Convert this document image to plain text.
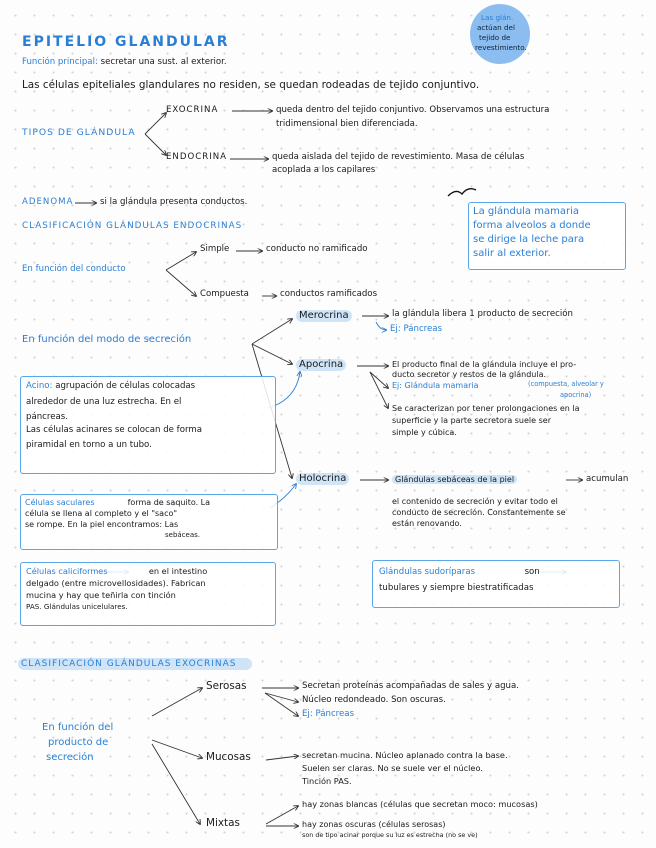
Las glán.
actúan del
tejido de
revestimiento.
EPITELIO GLANDULAR
Función principal: secretar una sust. al exterior.
Las células epiteliales glandulares no residen, se quedan rodeadas de tejido conjuntivo.
TIPOS DE GLÁNDULA
EXOCRINA	queda dentro del tejido conjuntivo. Observamos una estructura
tridimensional bien diferenciada.
ENDOCRINA	queda aislada del tejido de revestimiento. Masa de células
acoplada a los capilares
ADENOMA	si la glándula presenta conductos.
La glándula mamaria
forma alveolos a donde
se dirige la leche para
salir al exterior.
CLASIFICACIÓN GLÁNDULAS ENDOCRINAS
En función del conducto
Simple	conducto no ramificado
Compuesta	conductos ramificados
En función del modo de secreción
Merocrina	la glándula libera 1 producto de secreción
Ej: Páncreas
Apocrina	El producto final de la glándula incluye el pro-
ducto secretor y restos de la glándula.
Ej: Glándula mamaria	(compuesta, alveolar y
apocrina)
Se caracterizan por tener prolongaciones en la
superficie y la parte secretora suele ser
simple y cúbica.
Acino: agrupación de células colocadas
alrededor de una luz estrecha. En el
páncreas.
Las células acinares se colocan de forma
piramidal en torno a un tubo.
Holocrina	Glándulas sebáceas de la piel	acumulan
el contenido de secreción y evitar todo el
conducto de secreción. Constantemente se
están renovando.
Células saculares	forma de saquito. La
célula se llena al completo y el "saco"
se rompe. En la piel encontramos: Las
sebáceas.
Células caliciformes	en el intestino
delgado (entre microvellosidades). Fabrican
mucina y hay que teñirla con tinción
PAS. Glándulas unicelulares.
Glándulas sudoríparas	son
tubulares y siempre biestratificadas
CLASIFICACIÓN GLÁNDULAS EXOCRINAS
En función del
producto de
secreción
Serosas	Secretan proteínas acompañadas de sales y agua.
Núcleo redondeado. Son oscuras.
Ej: Páncreas
Mucosas	secretan mucina. Núcleo aplanado contra la base.
Suelen ser claras. No se suele ver el núcleo.
Tinción PAS.
Mixtas
hay zonas blancas (células que secretan moco: mucosas)
hay zonas oscuras (células serosas)
son de tipo acinar porque su luz es estrecha (no se ve)
